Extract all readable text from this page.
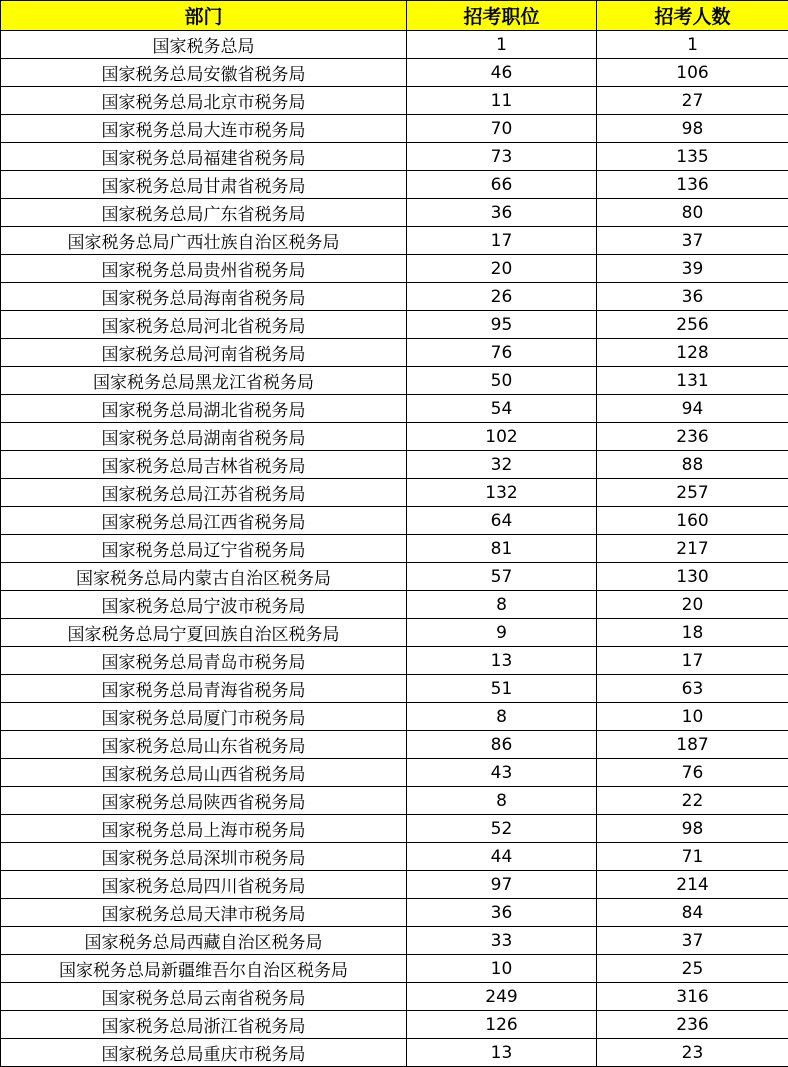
部门	招考职位	招考人数
国家税务总局	1	1
国家税务总局安徽省税务局	46	106
国家税务总局北京市税务局	11	27
国家税务总局大连市税务局	70	98
国家税务总局福建省税务局	73	135
国家税务总局甘肃省税务局	66	136
国家税务总局广东省税务局	36	80
国家税务总局广西壮族自治区税务局	17	37
国家税务总局贵州省税务局	20	39
国家税务总局海南省税务局	26	36
国家税务总局河北省税务局	95	256
国家税务总局河南省税务局	76	128
国家税务总局黑龙江省税务局	50	131
国家税务总局湖北省税务局	54	94
国家税务总局湖南省税务局	102	236
国家税务总局吉林省税务局	32	88
国家税务总局江苏省税务局	132	257
国家税务总局江西省税务局	64	160
国家税务总局辽宁省税务局	81	217
国家税务总局内蒙古自治区税务局	57	130
国家税务总局宁波市税务局	8	20
国家税务总局宁夏回族自治区税务局	9	18
国家税务总局青岛市税务局	13	17
国家税务总局青海省税务局	51	63
国家税务总局厦门市税务局	8	10
国家税务总局山东省税务局	86	187
国家税务总局山西省税务局	43	76
国家税务总局陕西省税务局	8	22
国家税务总局上海市税务局	52	98
国家税务总局深圳市税务局	44	71
国家税务总局四川省税务局	97	214
国家税务总局天津市税务局	36	84
国家税务总局西藏自治区税务局	33	37
国家税务总局新疆维吾尔自治区税务局	10	25
国家税务总局云南省税务局	249	316
国家税务总局浙江省税务局	126	236
国家税务总局重庆市税务局	13	23
